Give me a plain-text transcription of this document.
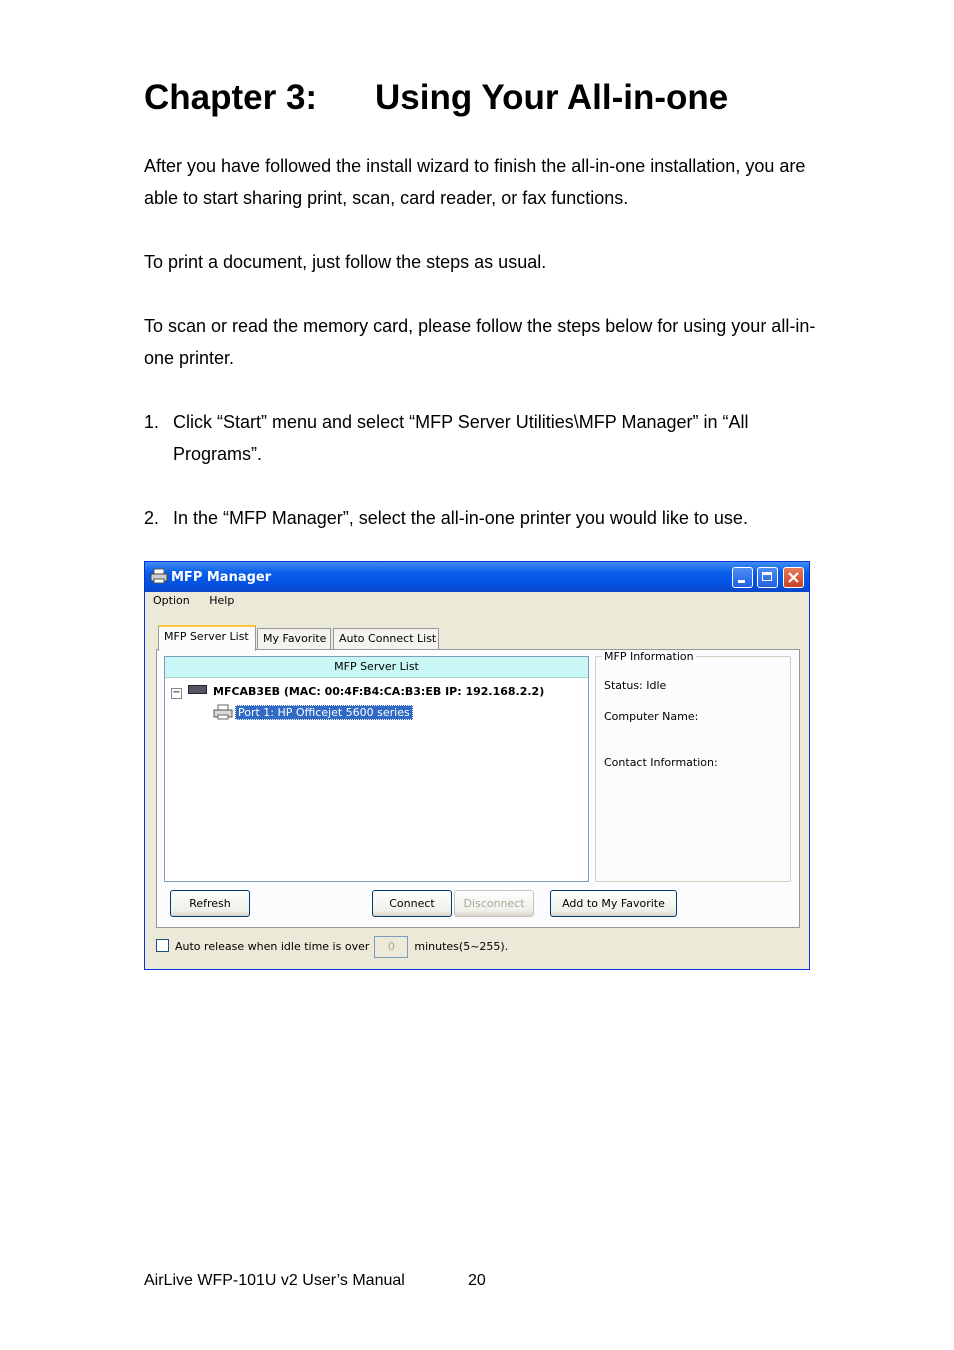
Chapter 3: Using Your All-in-one

After you have followed the install wizard to finish the all-in-one installation, you are able to start sharing print, scan, card reader, or fax functions.

To print a document, just follow the steps as usual.

To scan or read the memory card, please follow the steps below for using your all-in-one printer.

1. Click “Start” menu and select “MFP Server Utilities\MFP Manager” in “All Programs”.
2. In the “MFP Manager”, select the all-in-one printer you would like to use.
MFP Manager
Option Help
My Favorite	Auto Connect List
MFP Server List
MFP Server List
−	MFCAB3EB (MAC: 00:4F:B4:CA:B3:EB IP: 192.168.2.2)
Port 1: HP Officejet 5600 series
MFP Information
Status: Idle
Computer Name:
Contact Information:
Refresh	Connect	Disconnect	Add to My Favorite
Auto release when idle time is over 0 minutes(5~255).
AirLive WFP-101U v2 User’s Manual	20
